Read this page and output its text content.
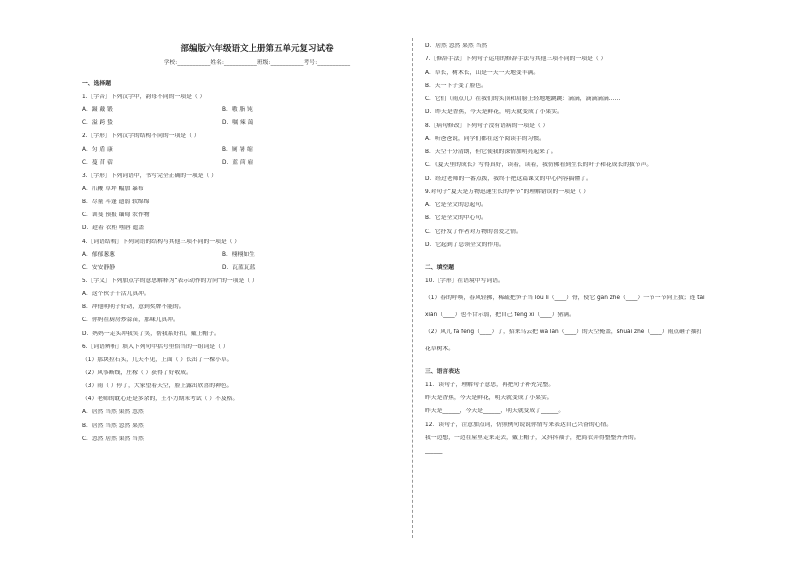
部编版六年级语文上册第五单元复习试卷
学校:___________姓名:___________班级:___________考号:___________
一、选择题
1.［字音］下列汉字中，韵母不同的一项是（ ）
A．蹑 戴 锻	B．嗷 脂 饨
C．溢 跨 蛰	D．嘱 辣 蔼
2.［字形］下列汉字的结构不同的一项是（ ）
A．匀 盾 康	B．厕 暑 缩
C．蔓 苜 蓿	D．蓝 茴 雇
3.［字形］下列词语中，书写完全正确的一项是（ ）
A．爪鞭 草坪 幅加 暴布
B．尽量 斗蓬 遗弱 软绵绵
C．训斐 预报 缅甸 农作物
D．趁着 衣柜 嘿唇 遮盖
4.［词语结构］下列词语的结构与其他三项不同的一项是（ ）
A．郁郁葱葱	B．栩栩如生
C．安安静静	D．瓦蓝瓦蓝
5.［字义］下列加点字的意思解释为“表示动作的方向”的一项是（ ）
A．这个伙子干活儿真冲。
B．冲他明明子好动，意到奖牌不能的。
C．你妈在厨房炒蒜苗，那味儿真冲。
D．妈妈一走头冲我笑了笑，帮我系好扣，戴上帽子。
6.［词语辨析］填入下列句中括号里恰当的一组词是（ ）
（1）那块拉石头，几天不见，上面（ ）长出了一棵小草。
（2）风筝断线，庄稼（ ）获得了好收成。
（3）雨（ ）停了，大家望着天空，脸上露出欣喜的神色。
（4）老师的耽心还是多余的，王小力期末考试（ ）不及格。
A．居然 当然 果然 忽然
B．居然 当然 忽然 果然
C．忽然 居然 果然 当然
D．居然 忽然 果然 当然
7.［修辞手法］下列句子运用的修辞手法与其他三项不同的一项是（ ）
A．草长，树木长，山是一天一天地变丰满。
B．天一下子变了脸色。
C．它们（雨点儿）在我们的头顶和肩膀上轻地地跳跳：滴滴，滴滴滴滴……
D．昨天是香蕉，今天是鲜花，明天就变成了小果实。
8.［病句修改］下列句子没有语病的一项是（ ）
A．听爸爸说，同学们都在这个阅读手的习惯。
B．天空十分清朗，但它使我的深情加明亮起来了。
C．《夏天里的成长》写得真好，读着，读着，我仿佛看到生长的叶子和花成长的拔节声。
D．经过老师的一番点拨，我终于把这篇课文的中心内容搞懂了。
9.对句子“夏天是万物迅速生长的季节”的理解错误的一项是（ ）
A．它是全文的总起句。
B．它是全文的中心句。
C．它抒发了作者对万物的喜爱之情。
D．它起到了总领全文的作用。
二、填空题
10.［字形］在语境中写词语。
（1）春的呼唤，春风轻拂，稀疏把笋子当 lóu lì（____）骨，使它 gān zhe（____）一节一节向上拔；连 tái
xiǎn（____）也不甘示弱，把自己 fēng xí（____）猪满。
（2）风儿 fā fēng（____）了，招来乌云把 wǎ lán（____）的天空掩盖，shuǎi zhe（____）雨点砸子抽打
花草树木。
三、语言表达
11．读句子，理解句子意思，再把句子补充完整。
昨天是香蕉，今天是鲜花，明天就变成了小果实。
昨天是______，今天是______，明天就变成了______。
12．读句子，注意加点词，仿照例句说说你情写来表达自己兴奋的心情。
我一边想，一边在屋里走来走去，戴上帽子，又抖抖袖子，把简衣弄得整整齐齐的。
______
